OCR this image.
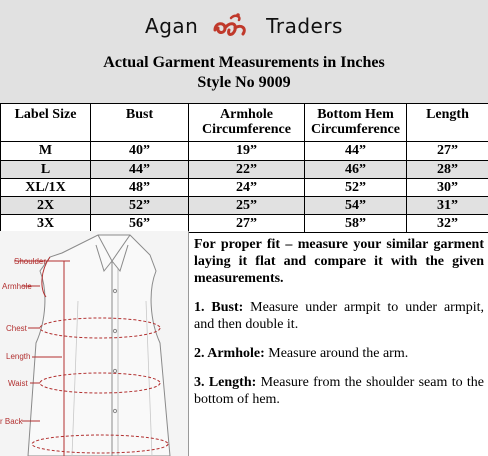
Agan	Traders
Actual Garment Measurements in Inches
Style No 9009
Label Size	Bust	Armhole Circumference	Bottom Hem Circumference	Length
M	40”	19”	44”	27”
L	44”	22”	46”	28”
XL/1X	48”	24”	52”	30”
2X	52”	25”	54”	31”
3X	56”	27”	58”	32”
Shoulder
Armhole
Chest
Length
Waist
r Back

For proper fit – measure your similar garment laying it flat and compare it with the given measurements.

1. Bust: Measure under armpit to under armpit, and then double it.

2. Armhole: Measure around the arm.

3. Length: Measure from the shoulder seam to the bottom of hem.
